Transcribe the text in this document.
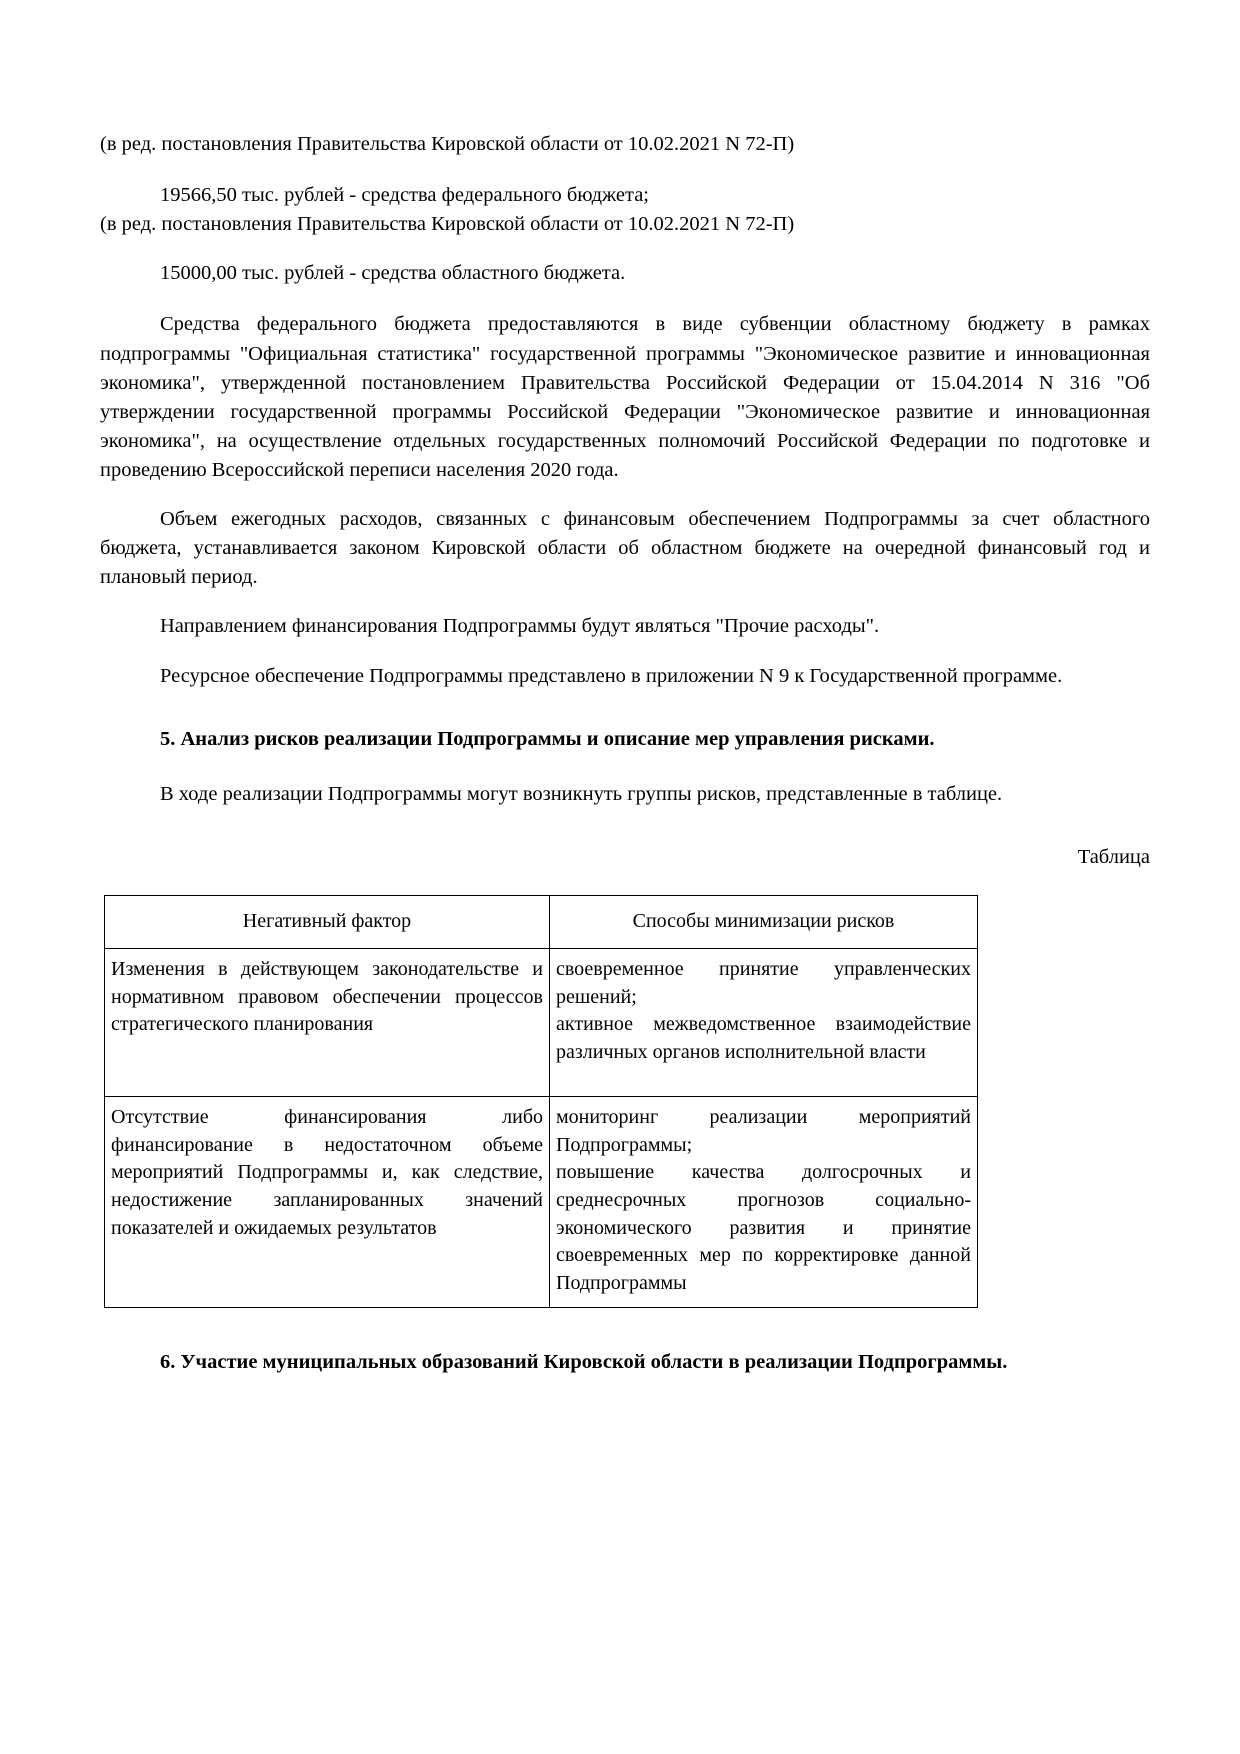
(в ред. постановления Правительства Кировской области от 10.02.2021 N 72-П)

19566,50 тыс. рублей - средства федерального бюджета;

(в ред. постановления Правительства Кировской области от 10.02.2021 N 72-П)

15000,00 тыс. рублей - средства областного бюджета.

Средства федерального бюджета предоставляются в виде субвенции областному бюджету в рамках подпрограммы "Официальная статистика" государственной программы "Экономическое развитие и инновационная экономика", утвержденной постановлением Правительства Российской Федерации от 15.04.2014 N 316 "Об утверждении государственной программы Российской Федерации "Экономическое развитие и инновационная экономика", на осуществление отдельных государственных полномочий Российской Федерации по подготовке и проведению Всероссийской переписи населения 2020 года.

Объем ежегодных расходов, связанных с финансовым обеспечением Подпрограммы за счет областного бюджета, устанавливается законом Кировской области об областном бюджете на очередной финансовый год и плановый период.

Направлением финансирования Подпрограммы будут являться "Прочие расходы".

Ресурсное обеспечение Подпрограммы представлено в приложении N 9 к Государственной программе.

5. Анализ рисков реализации Подпрограммы и описание мер управления рисками.

В ходе реализации Подпрограммы могут возникнуть группы рисков, представленные в таблице.

Таблица

Негативный фактор	Способы минимизации рисков
Изменения в действующем законодательстве и нормативном правовом обеспечении процессов стратегического планирования	своевременное принятие управленческих решений;

активное межведомственное взаимодействие различных органов исполнительной власти

Отсутствие финансирования либо финансирование в недостаточном объеме мероприятий Подпрограммы и, как следствие, недостижение запланированных значений показателей и ожидаемых результатов	мониторинг реализации мероприятий Подпрограммы;

повышение качества долгосрочных и среднесрочных прогнозов социально-экономического развития и принятие своевременных мер по корректировке данной Подпрограммы

6. Участие муниципальных образований Кировской области в реализации Подпрограммы.
